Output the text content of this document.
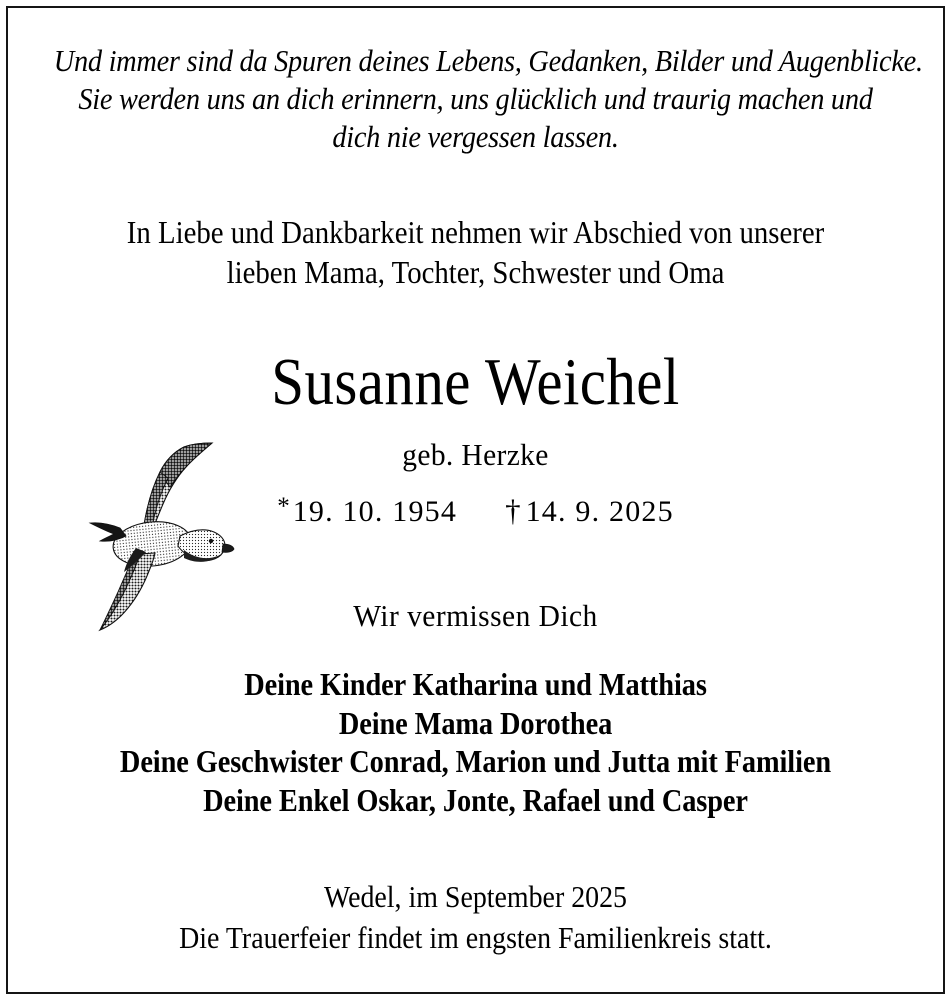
Und immer sind da Spuren deines Lebens, Gedanken, Bilder und Augenblicke.
Sie werden uns an dich erinnern, uns glücklich und traurig machen und
dich nie vergessen lassen.
In Liebe und Dankbarkeit nehmen wir Abschied von unserer
lieben Mama, Tochter, Schwester und Oma
Susanne Weichel
geb. Herzke
* 19. 10. 1954 † 14. 9. 2025
Wir vermissen Dich
Deine Kinder Katharina und Matthias
Deine Mama Dorothea
Deine Geschwister Conrad, Marion und Jutta mit Familien
Deine Enkel Oskar, Jonte, Rafael und Casper
Wedel, im September 2025
Die Trauerfeier findet im engsten Familienkreis statt.
